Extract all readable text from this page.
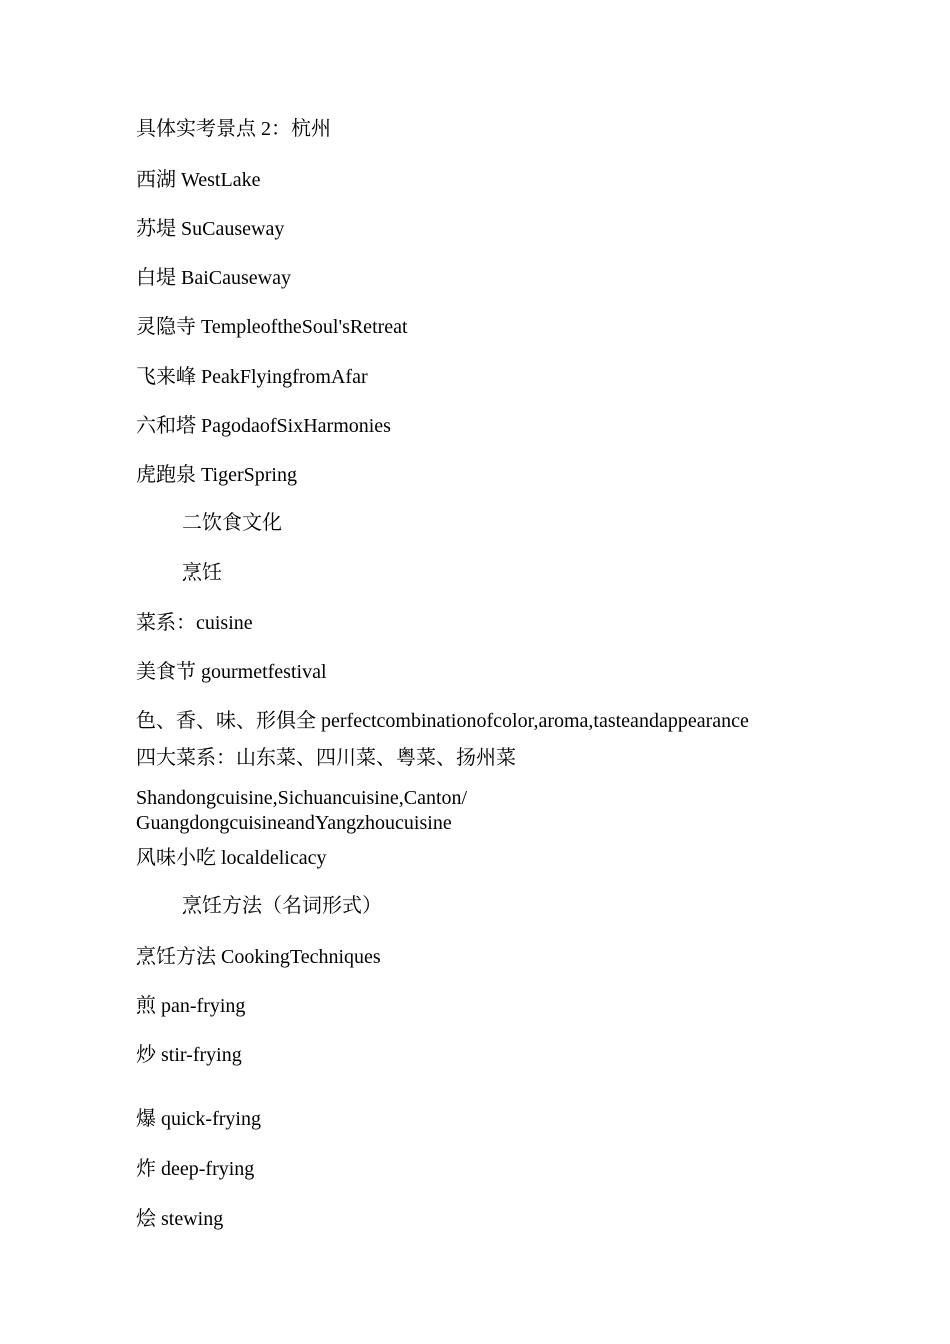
具体实考景点 2：杭州
西湖 WestLake
苏堤 SuCauseway
白堤 BaiCauseway
灵隐寺 TempleoftheSoul'sRetreat
飞来峰 PeakFlyingfromAfar
六和塔 PagodaofSixHarmonies
虎跑泉 TigerSpring
二饮食文化
烹饪
菜系：cuisine
美食节 gourmetfestival
色、香、味、形俱全 perfectcombinationofcolor,aroma,tasteandappearance
四大菜系：山东菜、四川菜、粤菜、扬州菜
Shandongcuisine,Sichuancuisine,Canton/ GuangdongcuisineandYangzhoucuisine
风味小吃 localdelicacy
烹饪方法（名词形式）
烹饪方法 CookingTechniques
煎 pan-frying
炒 stir-frying
爆 quick-frying
炸 deep-frying
烩 stewing
